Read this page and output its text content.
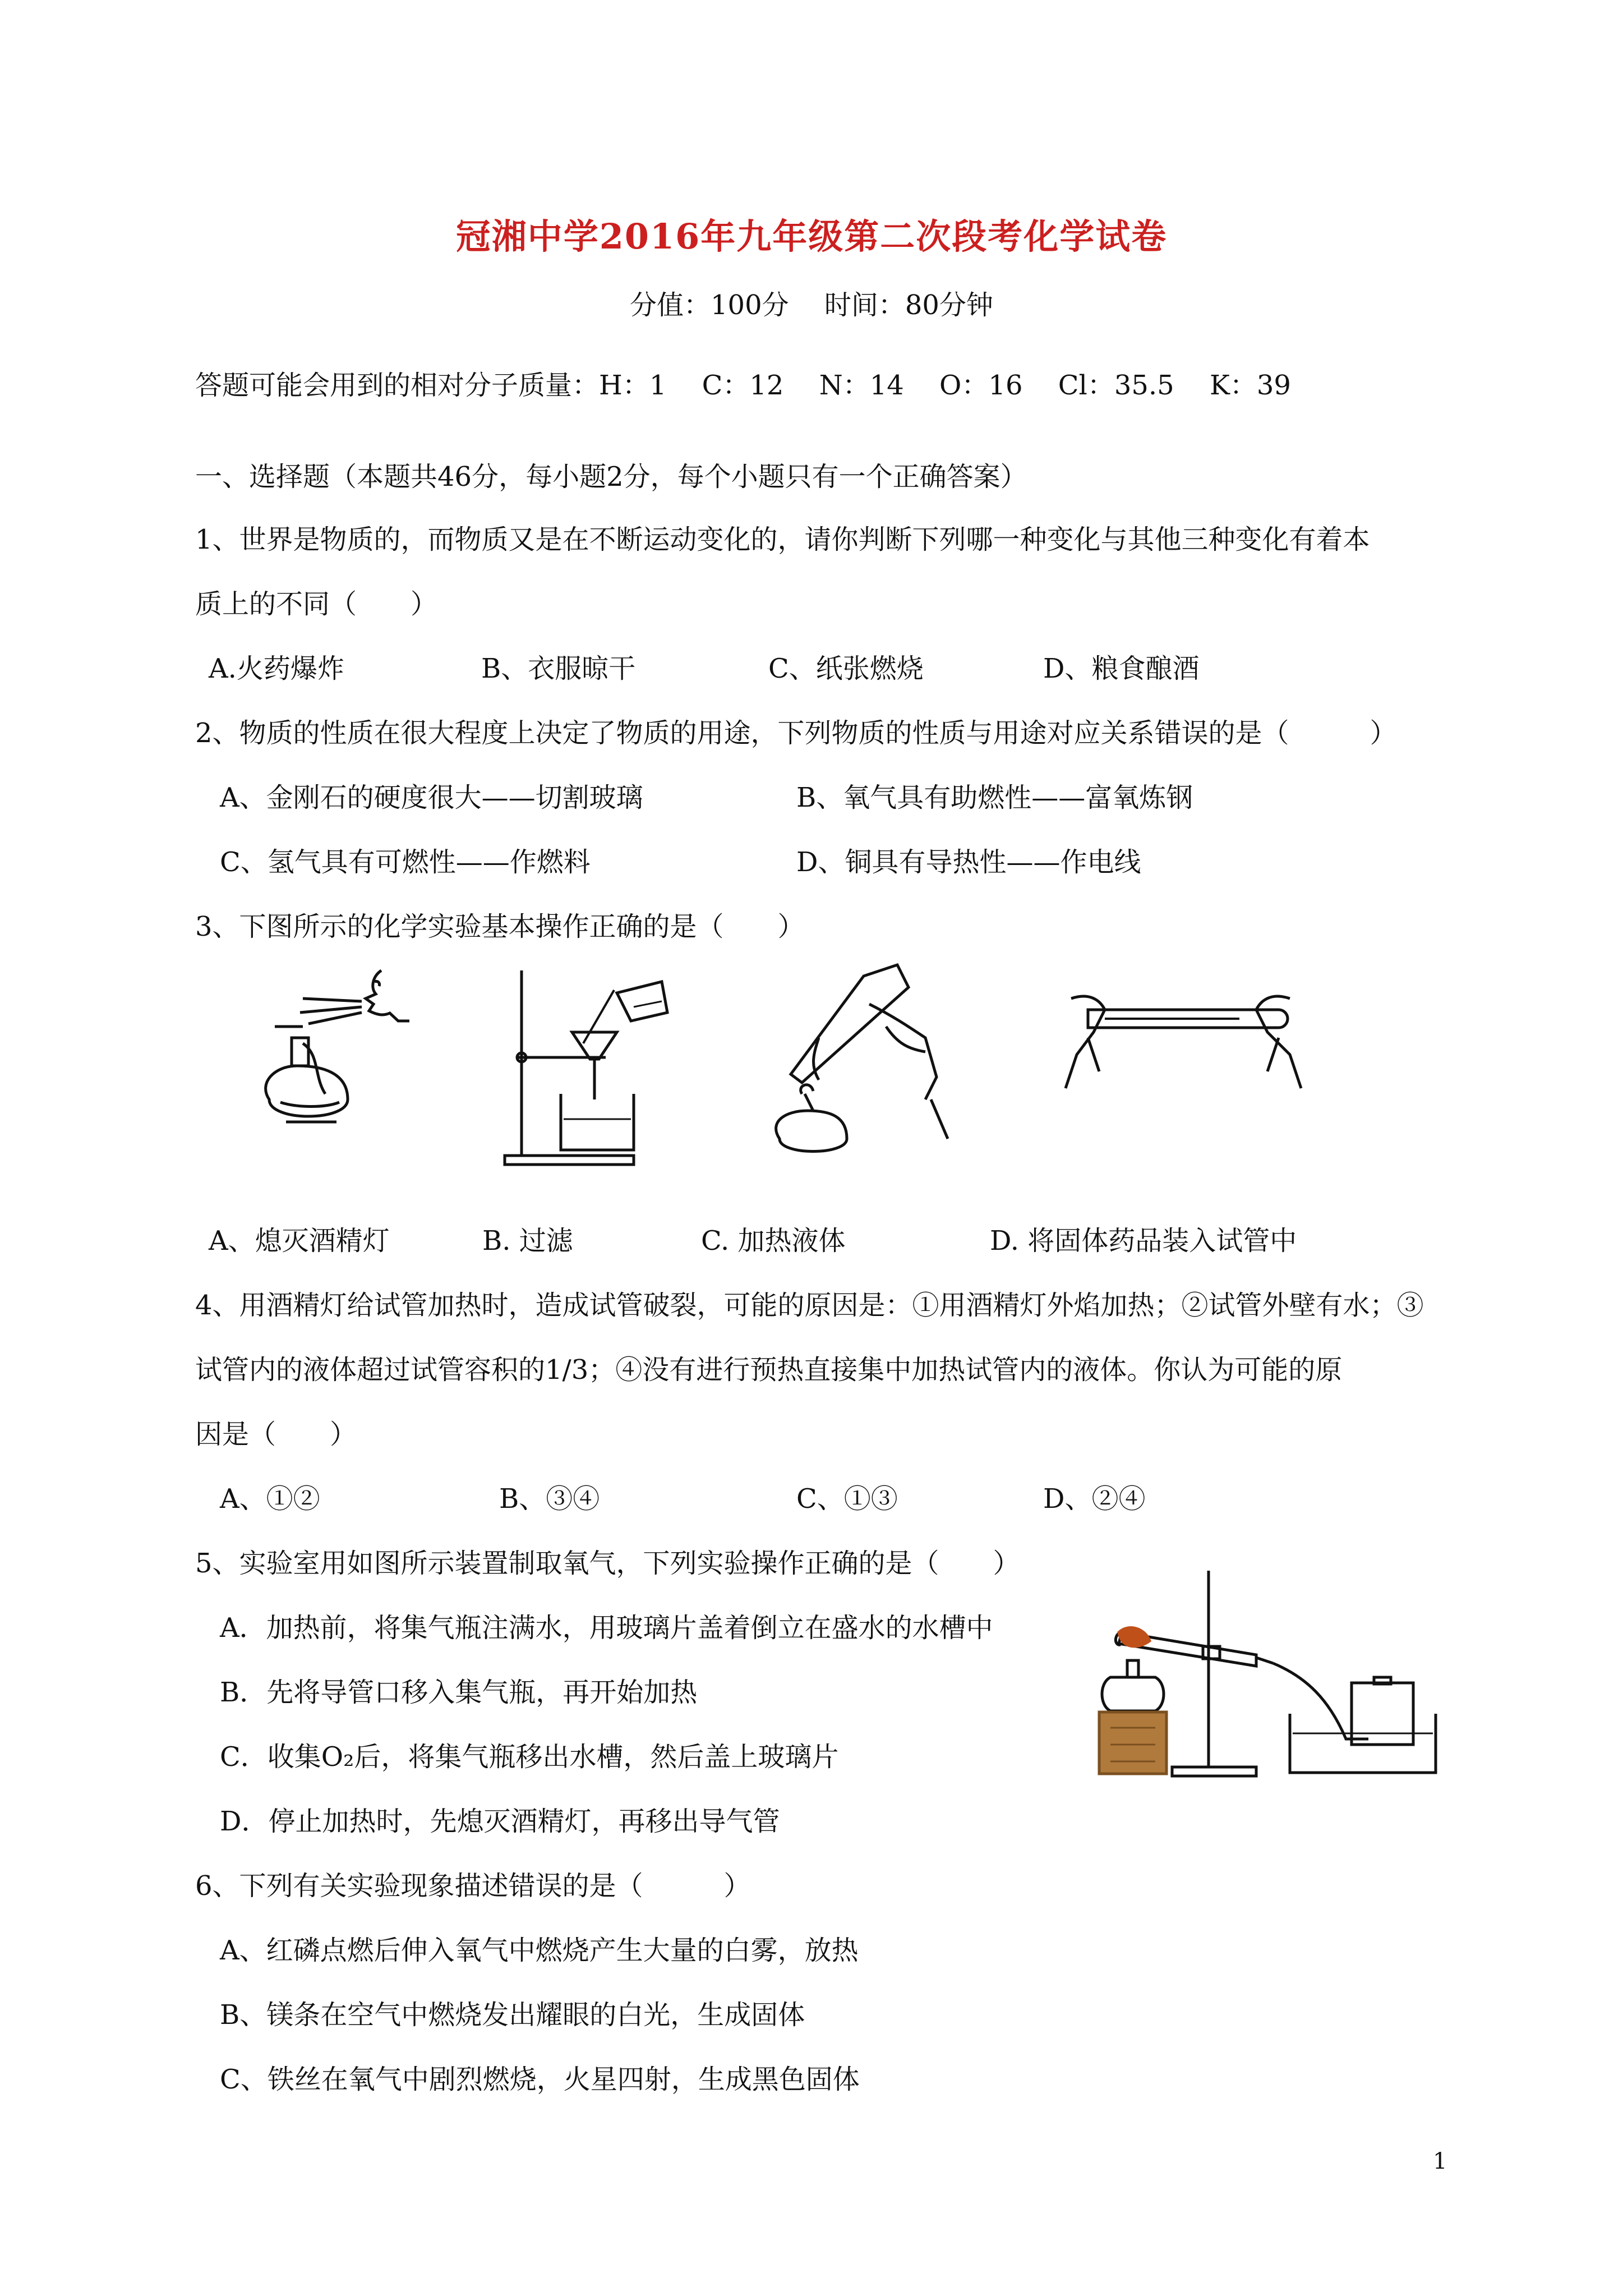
冠湘中学2016年九年级第二次段考化学试卷
分值：100分　 时间：80分钟
答题可能会用到的相对分子质量：H：1　 C：12　 N：14　 O：16　 Cl：35.5　 K：39
一、选择题（本题共46分，每小题2分，每个小题只有一个正确答案）
1、世界是物质的，而物质又是在不断运动变化的，请你判断下列哪一种变化与其他三种变化有着本
质上的不同（　　）
A.火药爆炸	B、衣服晾干	C、纸张燃烧	D、粮食酿酒
2、物质的性质在很大程度上决定了物质的用途，下列物质的性质与用途对应关系错误的是（　　　）
A、金刚石的硬度很大——切割玻璃	B、氧气具有助燃性——富氧炼钢
C、氢气具有可燃性——作燃料	D、铜具有导热性——作电线
3、下图所示的化学实验基本操作正确的是（　　）
A、熄灭酒精灯	B. 过滤	C. 加热液体	D. 将固体药品装入试管中
4、用酒精灯给试管加热时，造成试管破裂，可能的原因是：①用酒精灯外焰加热；②试管外壁有水；③
试管内的液体超过试管容积的1/3；④没有进行预热直接集中加热试管内的液体。你认为可能的原
因是（　　）
A、①②	B、③④	C、①③	D、②④
5、实验室用如图所示装置制取氧气，下列实验操作正确的是（　　）
A．加热前，将集气瓶注满水，用玻璃片盖着倒立在盛水的水槽中
B．先将导管口移入集气瓶，再开始加热
C．收集O₂后，将集气瓶移出水槽，然后盖上玻璃片
D．停止加热时，先熄灭酒精灯，再移出导气管
6、下列有关实验现象描述错误的是（　　　）
A、红磷点燃后伸入氧气中燃烧产生大量的白雾，放热
B、镁条在空气中燃烧发出耀眼的白光，生成固体
C、铁丝在氧气中剧烈燃烧，火星四射，生成黑色固体
1
